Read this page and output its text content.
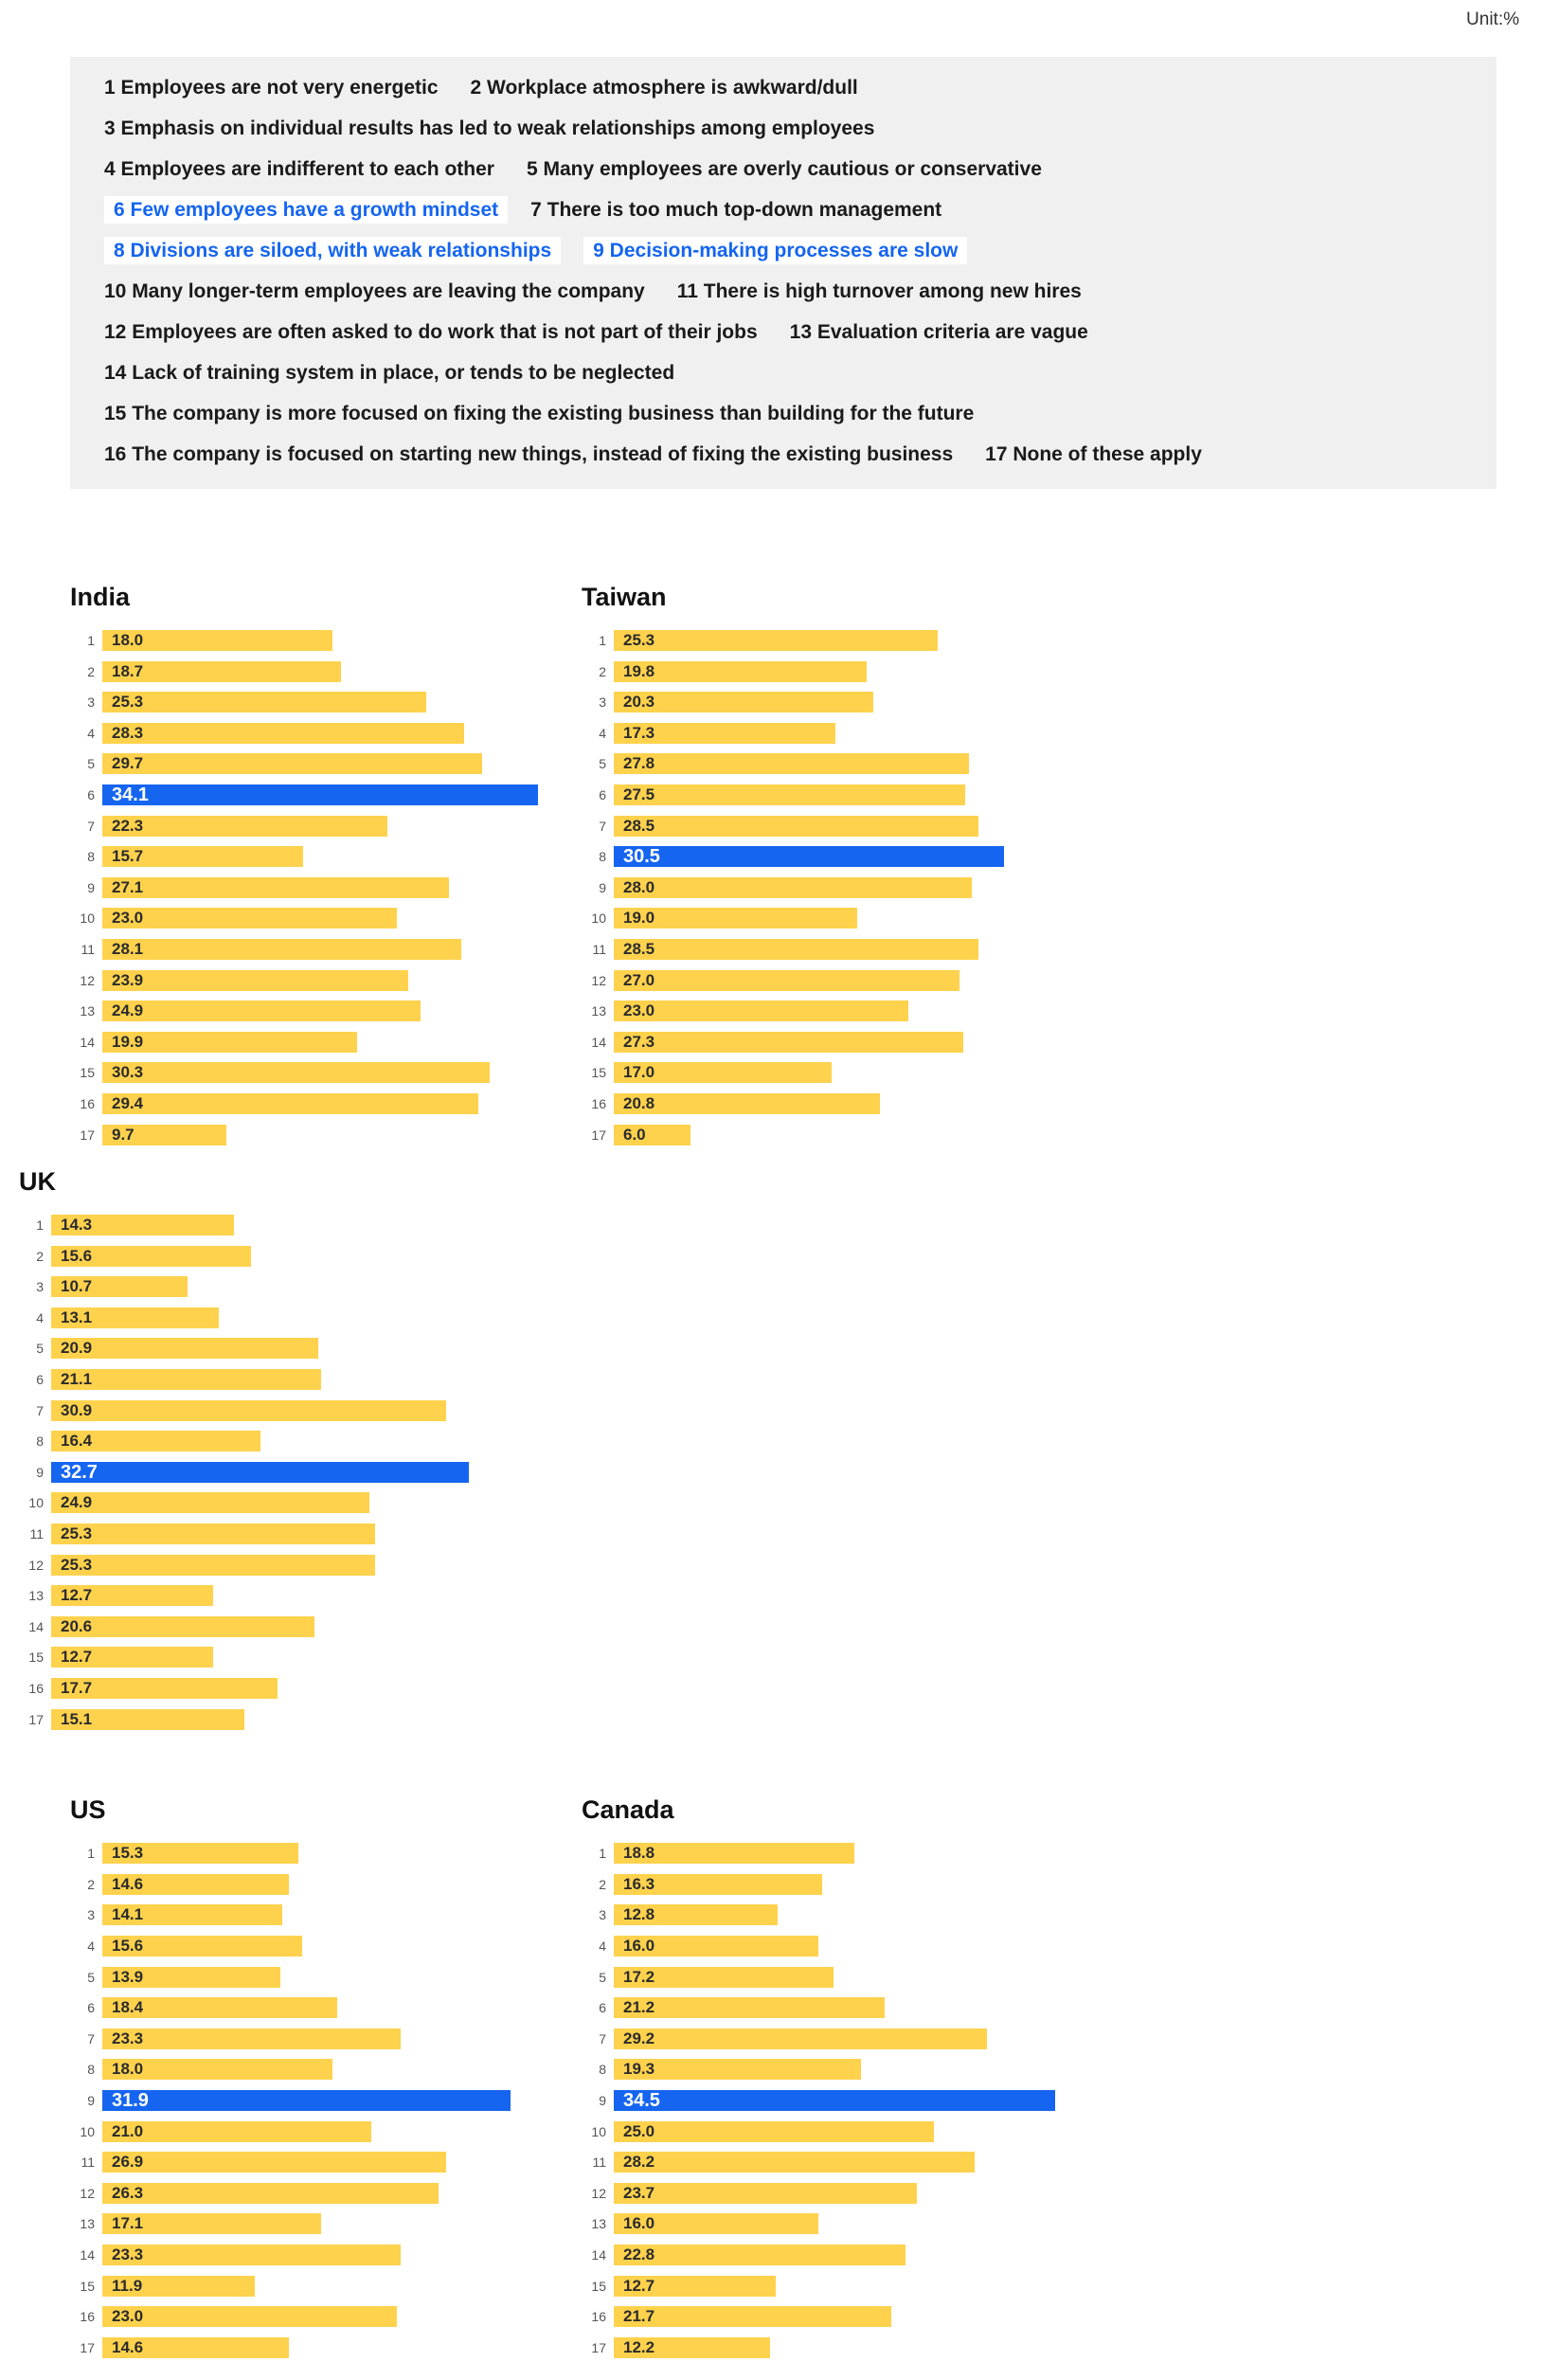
Unit:%
1 Employees are not very energetic 2 Workplace atmosphere is awkward/dull
3 Emphasis on individual results has led to weak relationships among employees
4 Employees are indifferent to each other 5 Many employees are overly cautious or conservative
6 Few employees have a growth mindset7 There is too much top-down management
8 Divisions are siloed, with weak relationships9 Decision-making processes are slow
10 Many longer-term employees are leaving the company 11 There is high turnover among new hires
12 Employees are often asked to do work that is not part of their jobs 13 Evaluation criteria are vague
14 Lack of training system in place, or tends to be neglected
15 The company is more focused on fixing the existing business than building for the future
16 The company is focused on starting new things, instead of fixing the existing business 17 None of these apply
India
1 18.0
2 18.7
3 25.3
4 28.3
5 29.7
6 34.1
7 22.3
8 15.7
9 27.1
10 23.0
11 28.1
12 23.9
13 24.9
14 19.9
15 30.3
16 29.4
17 9.7
Taiwan
1 25.3
2 19.8
3 20.3
4 17.3
5 27.8
6 27.5
7 28.5
8 30.5
9 28.0
10 19.0
11 28.5
12 27.0
13 23.0
14 27.3
15 17.0
16 20.8
17 6.0
UK
1 14.3
2 15.6
3 10.7
4 13.1
5 20.9
6 21.1
7 30.9
8 16.4
9 32.7
10 24.9
11 25.3
12 25.3
13 12.7
14 20.6
15 12.7
16 17.7
17 15.1
US
1 15.3
2 14.6
3 14.1
4 15.6
5 13.9
6 18.4
7 23.3
8 18.0
9 31.9
10 21.0
11 26.9
12 26.3
13 17.1
14 23.3
15 11.9
16 23.0
17 14.6
Canada
1 18.8
2 16.3
3 12.8
4 16.0
5 17.2
6 21.2
7 29.2
8 19.3
9 34.5
10 25.0
11 28.2
12 23.7
13 16.0
14 22.8
15 12.7
16 21.7
17 12.2
